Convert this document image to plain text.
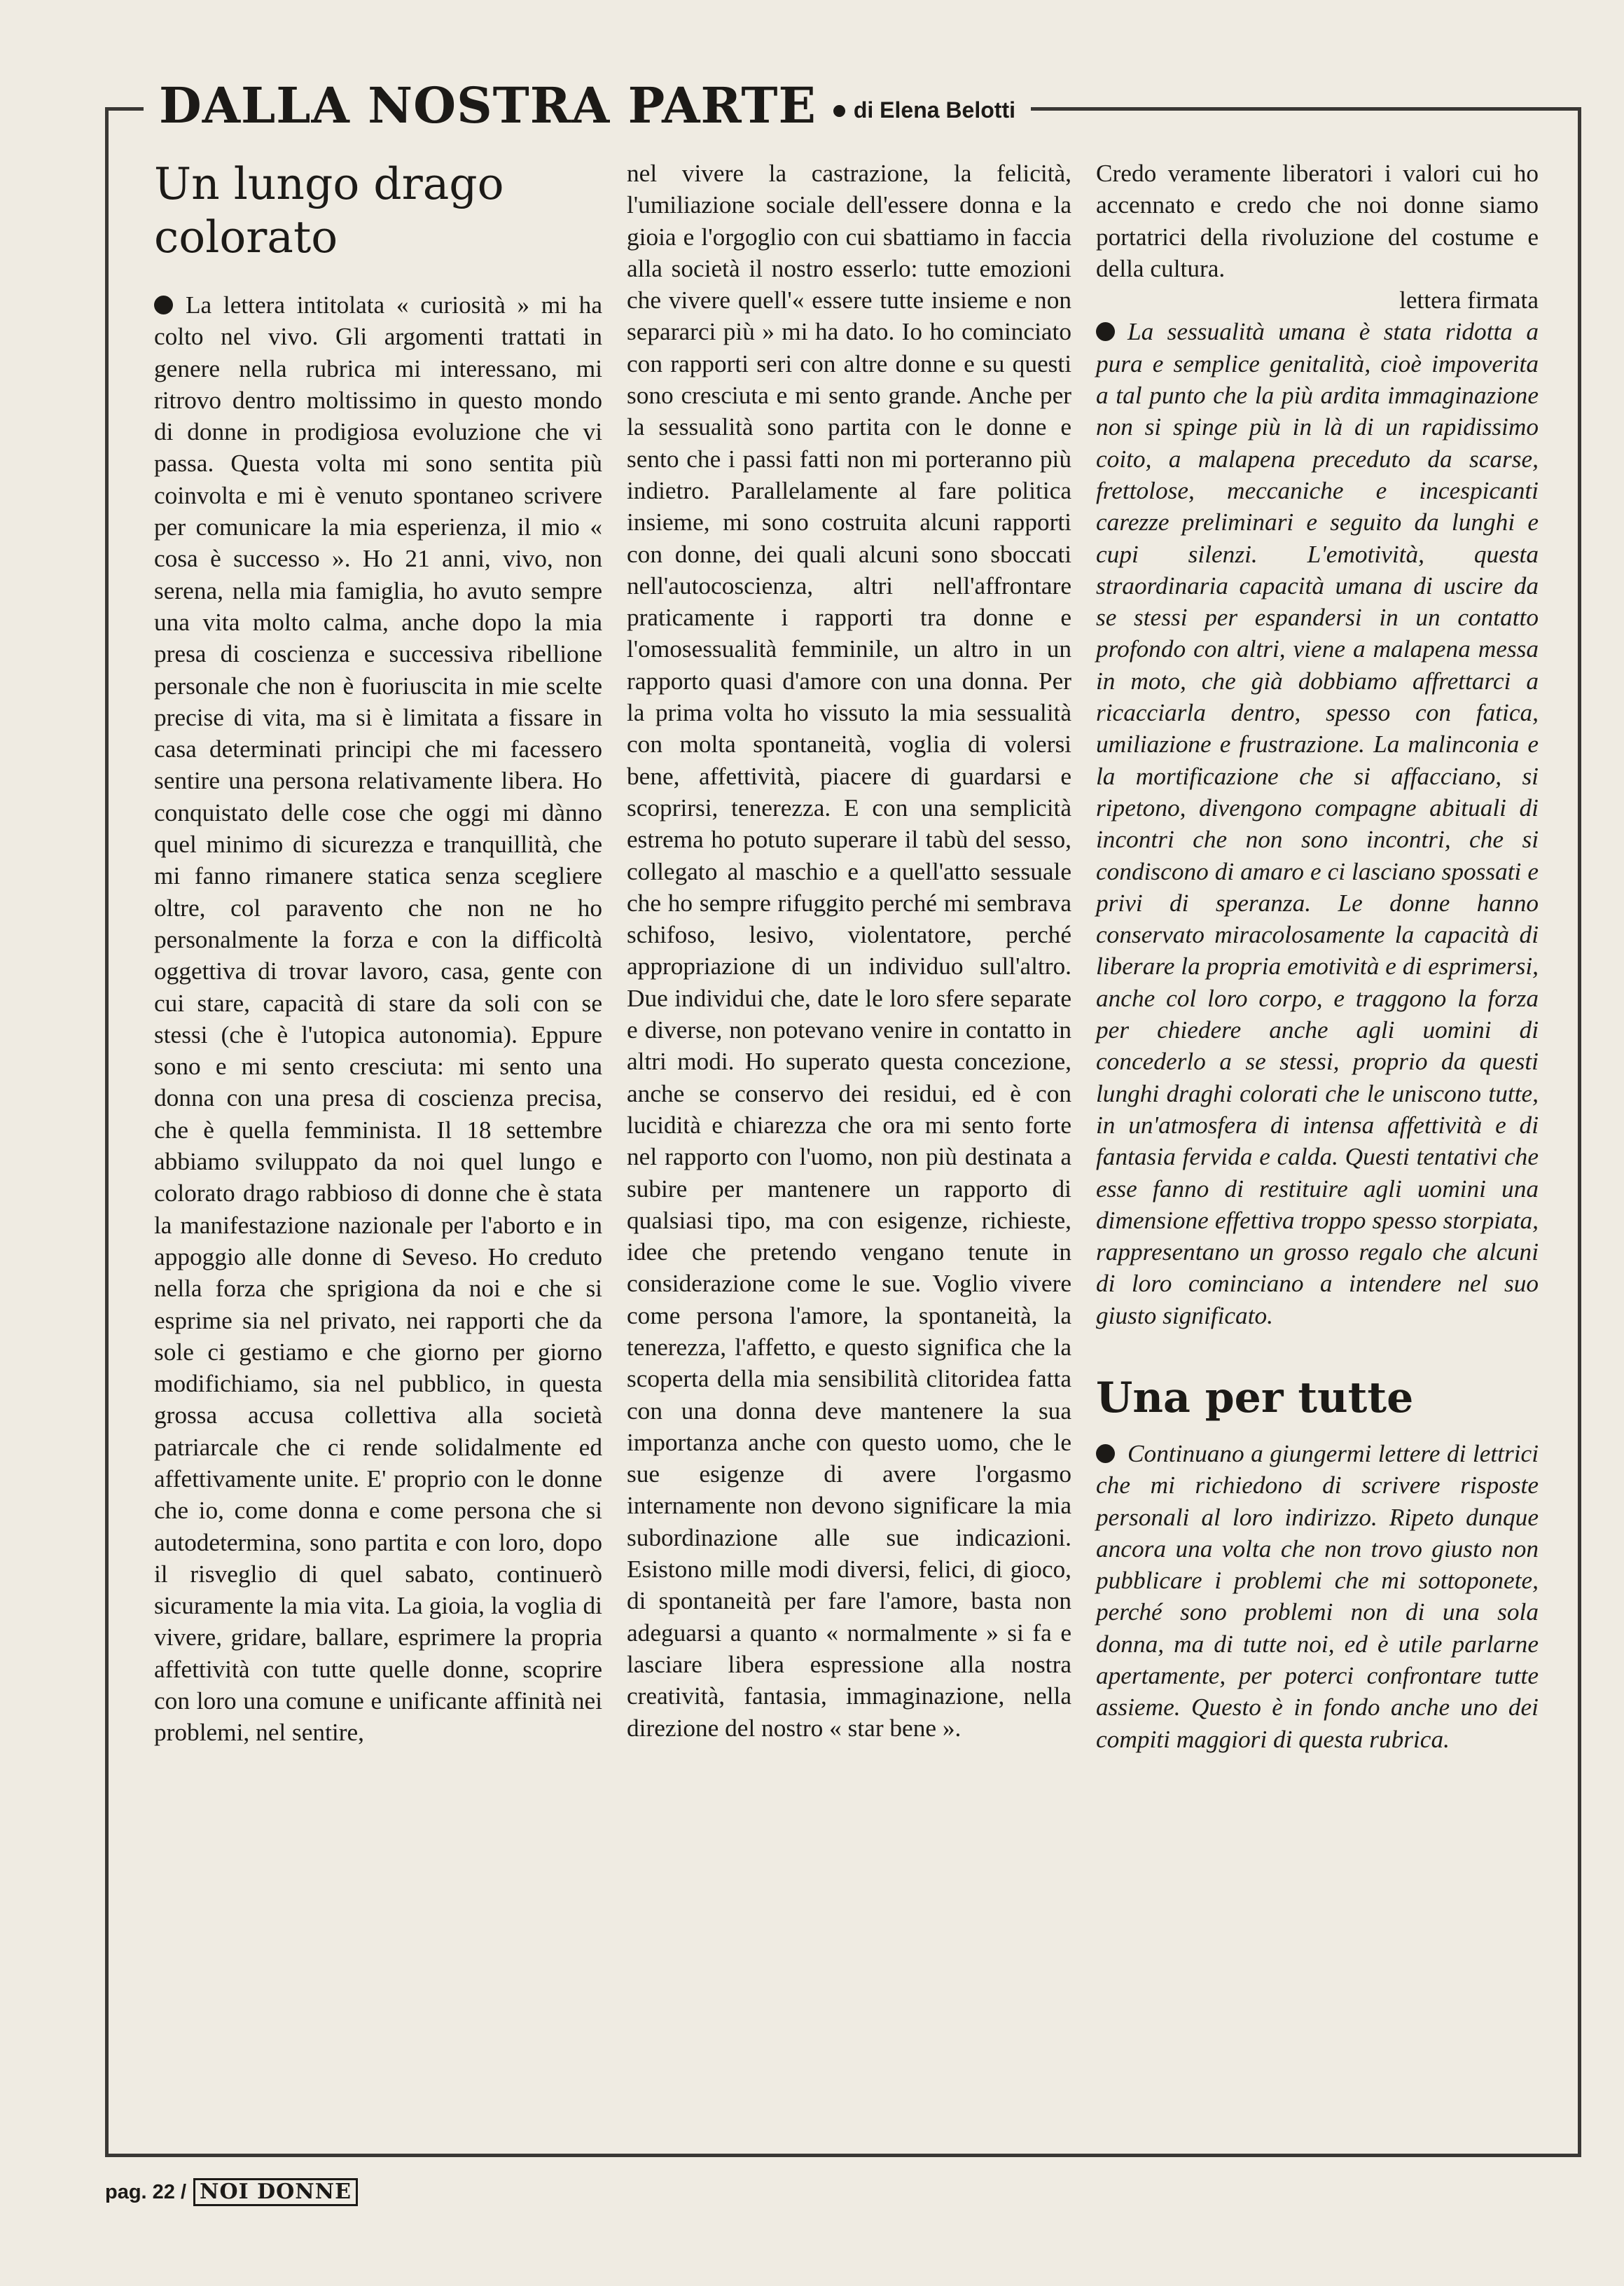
DALLA NOSTRA PARTE di Elena Belotti
Un lungo drago colorato

La lettera intitolata « curiosità » mi ha colto nel vivo. Gli argomenti trattati in genere nella rubrica mi interessano, mi ritrovo dentro moltissimo in questo mondo di donne in prodigiosa evoluzione che vi passa. Questa volta mi sono sentita più coinvolta e mi è venuto spontaneo scrivere per comunicare la mia esperienza, il mio « cosa è successo ». Ho 21 anni, vivo, non serena, nella mia famiglia, ho avuto sempre una vita molto calma, anche dopo la mia presa di coscienza e successiva ribellione personale che non è fuoriuscita in mie scelte precise di vita, ma si è limitata a fissare in casa determinati principi che mi facessero sentire una persona relativamente libera. Ho conquistato delle cose che oggi mi dànno quel minimo di sicurezza e tranquillità, che mi fanno rimanere statica senza scegliere oltre, col paravento che non ne ho personalmente la forza e con la difficoltà oggettiva di trovar lavoro, casa, gente con cui stare, capacità di stare da soli con se stessi (che è l'utopica autonomia). Eppure sono e mi sento cresciuta: mi sento una donna con una presa di coscienza precisa, che è quella femminista. Il 18 settembre abbiamo sviluppato da noi quel lungo e colorato drago rabbioso di donne che è stata la manifestazione nazionale per l'aborto e in appoggio alle donne di Seveso. Ho creduto nella forza che sprigiona da noi e che si esprime sia nel privato, nei rapporti che da sole ci gestiamo e che giorno per giorno modifichiamo, sia nel pubblico, in questa grossa accusa collettiva alla società patriarcale che ci rende solidalmente ed affettivamente unite. E' proprio con le donne che io, come donna e come persona che si autodetermina, sono partita e con loro, dopo il risveglio di quel sabato, continuerò sicuramente la mia vita. La gioia, la voglia di vivere, gridare, ballare, esprimere la propria affettività con tutte quelle donne, scoprire con loro una comune e unificante affinità nei problemi, nel sentire,

nel vivere la castrazione, la felicità, l'umiliazione sociale dell'essere donna e la gioia e l'orgoglio con cui sbattiamo in faccia alla società il nostro esserlo: tutte emozioni che vivere quell'« essere tutte insieme e non separarci più » mi ha dato. Io ho cominciato con rapporti seri con altre donne e su questi sono cresciuta e mi sento grande. Anche per la sessualità sono partita con le donne e sento che i passi fatti non mi porteranno più indietro. Parallelamente al fare politica insieme, mi sono costruita alcuni rapporti con donne, dei quali alcuni sono sboccati nell'autocoscienza, altri nell'affrontare praticamente i rapporti tra donne e l'omosessualità femminile, un altro in un rapporto quasi d'amore con una donna. Per la prima volta ho vissuto la mia sessualità con molta spontaneità, voglia di volersi bene, affettività, piacere di guardarsi e scoprirsi, tenerezza. E con una semplicità estrema ho potuto superare il tabù del sesso, collegato al maschio e a quell'atto sessuale che ho sempre rifuggito perché mi sembrava schifoso, lesivo, violentatore, perché appropriazione di un individuo sull'altro. Due individui che, date le loro sfere separate e diverse, non potevano venire in contatto in altri modi. Ho superato questa concezione, anche se conservo dei residui, ed è con lucidità e chiarezza che ora mi sento forte nel rapporto con l'uomo, non più destinata a subire per mantenere un rapporto di qualsiasi tipo, ma con esigenze, richieste, idee che pretendo vengano tenute in considerazione come le sue. Voglio vivere come persona l'amore, la spontaneità, la tenerezza, l'affetto, e questo significa che la scoperta della mia sensibilità clitoridea fatta con una donna deve mantenere la sua importanza anche con questo uomo, che le sue esigenze di avere l'orgasmo internamente non devono significare la mia subordinazione alle sue indicazioni. Esistono mille modi diversi, felici, di gioco, di spontaneità per fare l'amore, basta non adeguarsi a quanto « normalmente » si fa e lasciare libera espressione alla nostra creatività, fantasia, immaginazione, nella direzione del nostro « star bene ».

Credo veramente liberatori i valori cui ho accennato e credo che noi donne siamo portatrici della rivoluzione del costume e della cultura.

lettera firmata

La sessualità umana è stata ridotta a pura e semplice genitalità, cioè impoverita a tal punto che la più ardita immaginazione non si spinge più in là di un rapidissimo coito, a malapena preceduto da scarse, frettolose, meccaniche e incespicanti carezze preliminari e seguito da lunghi e cupi silenzi. L'emotività, questa straordinaria capacità umana di uscire da se stessi per espandersi in un contatto profondo con altri, viene a malapena messa in moto, che già dobbiamo affrettarci a ricacciarla dentro, spesso con fatica, umiliazione e frustrazione. La malinconia e la mortificazione che si affacciano, si ripetono, divengono compagne abituali di incontri che non sono incontri, che si condiscono di amaro e ci lasciano spossati e privi di speranza. Le donne hanno conservato miracolosamente la capacità di liberare la propria emotività e di esprimersi, anche col loro corpo, e traggono la forza per chiedere anche agli uomini di concederlo a se stessi, proprio da questi lunghi draghi colorati che le uniscono tutte, in un'atmosfera di intensa affettività e di fantasia fervida e calda. Questi tentativi che esse fanno di restituire agli uomini una dimensione effettiva troppo spesso storpiata, rappresentano un grosso regalo che alcuni di loro cominciano a intendere nel suo giusto significato.

Una per tutte

Continuano a giungermi lettere di lettrici che mi richiedono di scrivere risposte personali al loro indirizzo. Ripeto dunque ancora una volta che non trovo giusto non pubblicare i problemi che mi sottoponete, perché sono problemi non di una sola donna, ma di tutte noi, ed è utile parlarne apertamente, per poterci confrontare tutte assieme. Questo è in fondo anche uno dei compiti maggiori di questa rubrica.

pag. 22 / NOI DONNE
